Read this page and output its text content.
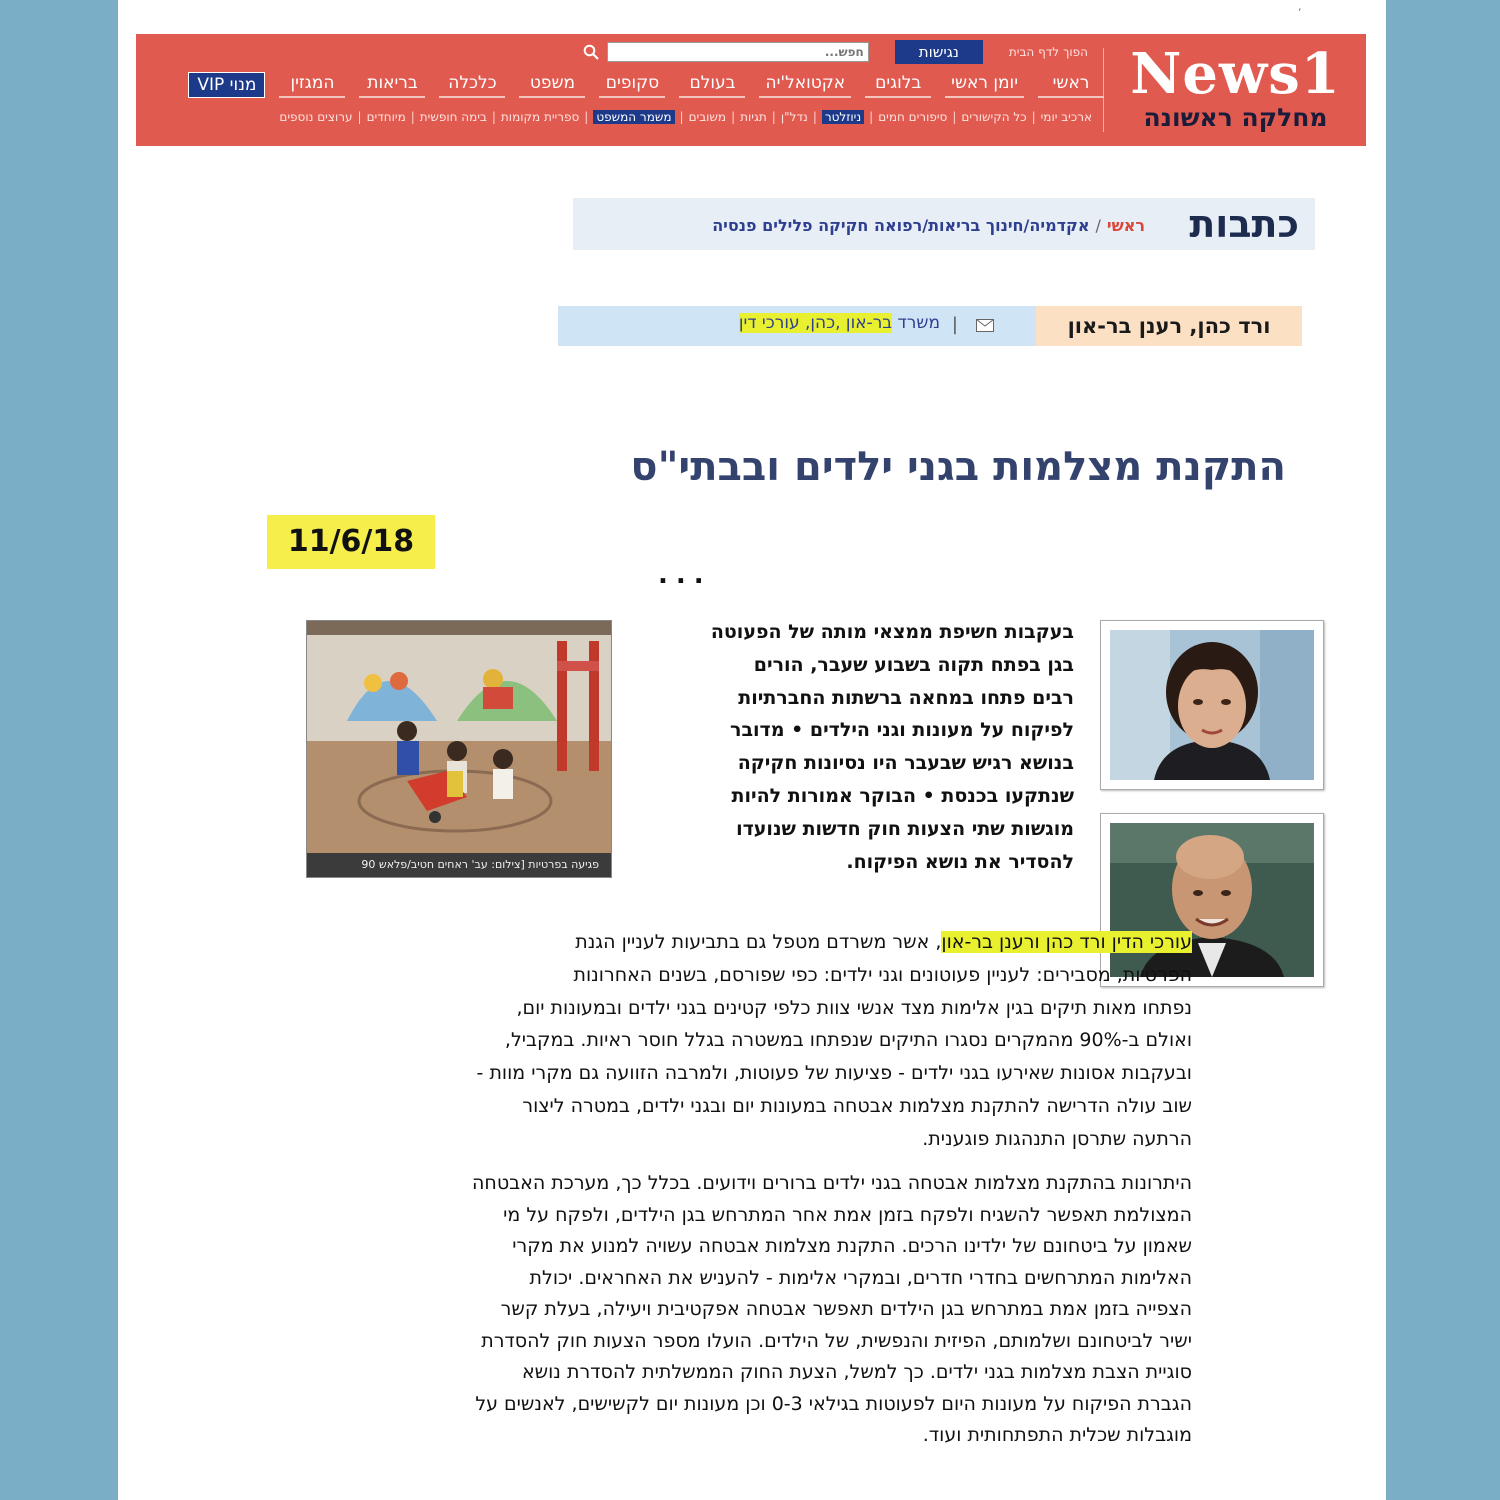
,
News1
מחלקה ראשונה
הפוך לדף הבית
נגישות
חפש...
ראשי
יומן ראשי
בלוגים
אקטואל'יה
בעולם
סקופים
משפט
כלכלה
בריאות
המגזין
מנוי VIP
ארכיב יומי
|
כל הקישורים
|
סיפורים חמים
|
ניוזלטר
|
נדל"ן
|
תגיות
|
משובים
|
משמר המשפט
|
ספריית מקומות
|
בימה חופשית
|
מיוחדים
|
ערוצים נוספים
כתבות
ראשי
/
אקדמיה/חינוך בריאות/רפואה חקיקה פלילים פנסיה
ורד כהן, רענן בר-און
|
משרד בר-און ,כהן, עורכי דין
התקנת מצלמות בגני ילדים ובבתי"ס
11/6/18
...
פגיעה בפרטיות [צילום: עב' ראחים חטיב/פלאש 90
בעקבות חשיפת ממצאי מותה של הפעוטה
בגן בפתח תקוה בשבוע שעבר, הורים
רבים פתחו במחאה ברשתות החברתיות
לפיקוח על מעונות וגני הילדים • מדובר
בנושא רגיש שבעבר היו נסיונות חקיקה
שנתקעו בכנסת • הבוקר אמורות להיות
מוגשות שתי הצעות חוק חדשות שנועדו
להסדיר את נושא הפיקוח.
עורכי הדין ורד כהן ורענן בר-און, אשר משרדם מטפל גם בתביעות לעניין הגנת
הפרטיות, מסבירים: לעניין פעוטונים וגני ילדים: כפי שפורסם, בשנים האחרונות
נפתחו מאות תיקים בגין אלימות מצד אנשי צוות כלפי קטינים בגני ילדים ובמעונות יום,
ואולם ב-90% מהמקרים נסגרו התיקים שנפתחו במשטרה בגלל חוסר ראיות. במקביל,
ובעקבות אסונות שאירעו בגני ילדים - פציעות של פעוטות, ולמרבה הזוועה גם מקרי מוות -
שוב עולה הדרישה להתקנת מצלמות אבטחה במעונות יום ובגני ילדים, במטרה ליצור
הרתעה שתרסן התנהגות פוגענית.
היתרונות בהתקנת מצלמות אבטחה בגני ילדים ברורים וידועים. בכלל כך, מערכת האבטחה
המצולמת תאפשר להשגיח ולפקח בזמן אמת אחר המתרחש בגן הילדים, ולפקח על מי
שאמון על ביטחונם של ילדינו הרכים. התקנת מצלמות אבטחה עשויה למנוע את מקרי
האלימות המתרחשים בחדרי חדרים, ובמקרי אלימות - להעניש את האחראים. יכולת
הצפייה בזמן אמת במתרחש בגן הילדים תאפשר אבטחה אפקטיבית ויעילה, בעלת קשר
ישיר לביטחונם ושלמותם, הפיזית והנפשית, של הילדים. הועלו מספר הצעות חוק להסדרת
סוגיית הצבת מצלמות בגני ילדים. כך למשל, הצעת החוק הממשלתית להסדרת נושא
הגברת הפיקוח על מעונות היום לפעוטות בגילאי 0-3 וכן מעונות יום לקשישים, לאנשים על
מוגבלות שכלית התפתחותית ועוד.
